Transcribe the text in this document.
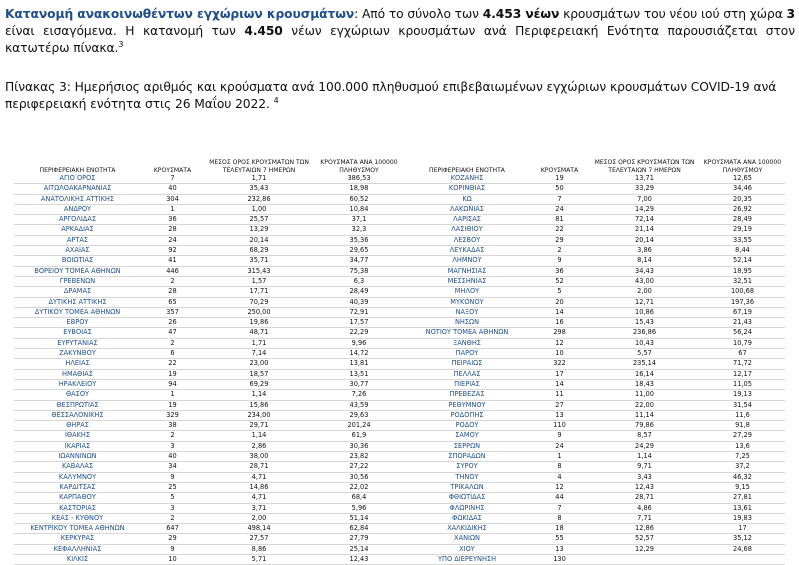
Κατανομή ανακοινωθέντων εγχώριων κρουσμάτων: Από το σύνολο των 4.453 νέων κρουσμάτων του νέου ιού στη χώρα 3 είναι εισαγόμενα. Η κατανομή των 4.450 νέων εγχώριων κρουσμάτων ανά Περιφερειακή Ενότητα παρουσιάζεται στον κατωτέρω πίνακα.$^3$
Πίνακας 3: Ημερήσιος αριθμός και κρούσματα ανά 100.000 πληθυσμού επιβεβαιωμένων εγχώριων κρουσμάτων COVID-19 ανά περιφερειακή ενότητα στις 26 Μαΐου 2022. $^4$
	ΠΕΡΙΦΕΡΕΙΑΚΗ ΕΝΟΤΗΤΑ	ΚΡΟΥΣΜΑΤΑ	ΜΕΣΟΣ ΟΡΟΣ ΚΡΟΥΣΜΑΤΩΝ ΤΩΝ ΤΕΛΕΥΤΑΙΩΝ 7 ΗΜΕΡΩΝ	ΚΡΟΥΣΜΑΤΑ ΑΝΑ 100000 ΠΛΗΘΥΣΜΟΥ	ΠΕΡΙΦΕΡΕΙΑΚΗ ΕΝΟΤΗΤΑ	ΚΡΟΥΣΜΑΤΑ	ΜΕΣΟΣ ΟΡΟΣ ΚΡΟΥΣΜΑΤΩΝ ΤΩΝ ΤΕΛΕΥΤΑΙΩΝ 7 ΗΜΕΡΩΝ	ΚΡΟΥΣΜΑΤΑ ΑΝΑ 100000 ΠΛΗΘΥΣΜΟΥ	
	ΑΓΙΟ ΟΡΟΣ	7	1,71	386,53	ΚΟΖΑΝΗΣ	19	13,71	12,65	
	ΑΙΤΩΛΟΑΚΑΡΝΑΝΙΑΣ	40	35,43	18,98	ΚΟΡΙΝΘΙΑΣ	50	33,29	34,46	
	ΑΝΑΤΟΛΙΚΗΣ ΑΤΤΙΚΗΣ	304	232,86	60,52	ΚΩ	7	7,00	20,35	
	ΑΝΔΡΟΥ	1	1,00	10,84	ΛΑΚΩΝΙΑΣ	24	14,29	26,92	
	ΑΡΓΟΛΙΔΑΣ	36	25,57	37,1	ΛΑΡΙΣΑΣ	81	72,14	28,49	
	ΑΡΚΑΔΙΑΣ	28	13,29	32,3	ΛΑΣΙΘΙΟΥ	22	21,14	29,19	
	ΑΡΤΑΣ	24	20,14	35,36	ΛΕΣΒΟΥ	29	20,14	33,55	
	ΑΧΑΪΑΣ	92	68,29	29,65	ΛΕΥΚΑΔΑΣ	2	3,86	8,44	
	ΒΟΙΩΤΙΑΣ	41	35,71	34,77	ΛΗΜΝΟΥ	9	8,14	52,14	
	ΒΟΡΕΙΟΥ ΤΟΜΕΑ ΑΘΗΝΩΝ	446	315,43	75,38	ΜΑΓΝΗΣΙΑΣ	36	34,43	18,95	
	ΓΡΕΒΕΝΩΝ	2	1,57	6,3	ΜΕΣΣΗΝΙΑΣ	52	43,00	32,51	
	ΔΡΑΜΑΣ	28	17,71	28,49	ΜΗΛΟΥ	5	2,00	100,68	
	ΔΥΤΙΚΗΣ ΑΤΤΙΚΗΣ	65	70,29	40,39	ΜΥΚΟΝΟΥ	20	12,71	197,36	
	ΔΥΤΙΚΟΥ ΤΟΜΕΑ ΑΘΗΝΩΝ	357	250,00	72,91	ΝΑΞΟΥ	14	10,86	67,19	
	ΕΒΡΟΥ	26	19,86	17,57	ΝΗΣΩΝ	16	15,43	21,43	
	ΕΥΒΟΙΑΣ	47	48,71	22,29	ΝΟΤΙΟΥ ΤΟΜΕΑ ΑΘΗΝΩΝ	298	236,86	56,24	
	ΕΥΡΥΤΑΝΙΑΣ	2	1,71	9,96	ΞΑΝΘΗΣ	12	10,43	10,79	
	ΖΑΚΥΝΘΟΥ	6	7,14	14,72	ΠΑΡΟΥ	10	5,57	67	
	ΗΛΕΙΑΣ	22	23,00	13,81	ΠΕΙΡΑΙΩΣ	322	235,14	71,72	
	ΗΜΑΘΙΑΣ	19	18,57	13,51	ΠΕΛΛΑΣ	17	16,14	12,17	
	ΗΡΑΚΛΕΙΟΥ	94	69,29	30,77	ΠΙΕΡΙΑΣ	14	18,43	11,05	
	ΘΑΣΟΥ	1	1,14	7,26	ΠΡΕΒΕΖΑΣ	11	11,00	19,13	
	ΘΕΣΠΡΩΤΙΑΣ	19	15,86	43,59	ΡΕΘΥΜΝΟΥ	27	22,00	31,54	
	ΘΕΣΣΑΛΟΝΙΚΗΣ	329	234,00	29,63	ΡΟΔΟΠΗΣ	13	11,14	11,6	
	ΘΗΡΑΣ	38	29,71	201,24	ΡΟΔΟΥ	110	79,86	91,8	
	ΙΘΑΚΗΣ	2	1,14	61,9	ΣΑΜΟΥ	9	8,57	27,29	
	ΙΚΑΡΙΑΣ	3	2,86	30,36	ΣΕΡΡΩΝ	24	24,29	13,6	
	ΙΩΑΝΝΙΝΩΝ	40	38,00	23,82	ΣΠΟΡΑΔΩΝ	1	1,14	7,25	
	ΚΑΒΑΛΑΣ	34	28,71	27,22	ΣΥΡΟΥ	8	9,71	37,2	
	ΚΑΛΥΜΝΟΥ	9	4,71	30,56	ΤΗΝΟΥ	4	3,43	46,32	
	ΚΑΡΔΙΤΣΑΣ	25	14,86	22,02	ΤΡΙΚΑΛΩΝ	12	12,43	9,15	
	ΚΑΡΠΑΘΟΥ	5	4,71	68,4	ΦΘΙΩΤΙΔΑΣ	44	28,71	27,81	
	ΚΑΣΤΟΡΙΑΣ	3	3,71	5,96	ΦΛΩΡΙΝΗΣ	7	4,86	13,61	
	ΚΕΑΣ - ΚΥΘΝΟΥ	2	2,00	51,14	ΦΩΚΙΔΑΣ	8	7,71	19,83	
	ΚΕΝΤΡΙΚΟΥ ΤΟΜΕΑ ΑΘΗΝΩΝ	647	498,14	62,84	ΧΑΛΚΙΔΙΚΗΣ	18	12,86	17	
	ΚΕΡΚΥΡΑΣ	29	27,57	27,79	ΧΑΝΙΩΝ	55	52,57	35,12	
	ΚΕΦΑΛΛΗΝΙΑΣ	9	8,86	25,14	ΧΙΟΥ	13	12,29	24,68	
	ΚΙΛΚΙΣ	10	5,71	12,43	ΥΠΟ ΔΙΕΡΕΥΝΗΣΗ	130			
